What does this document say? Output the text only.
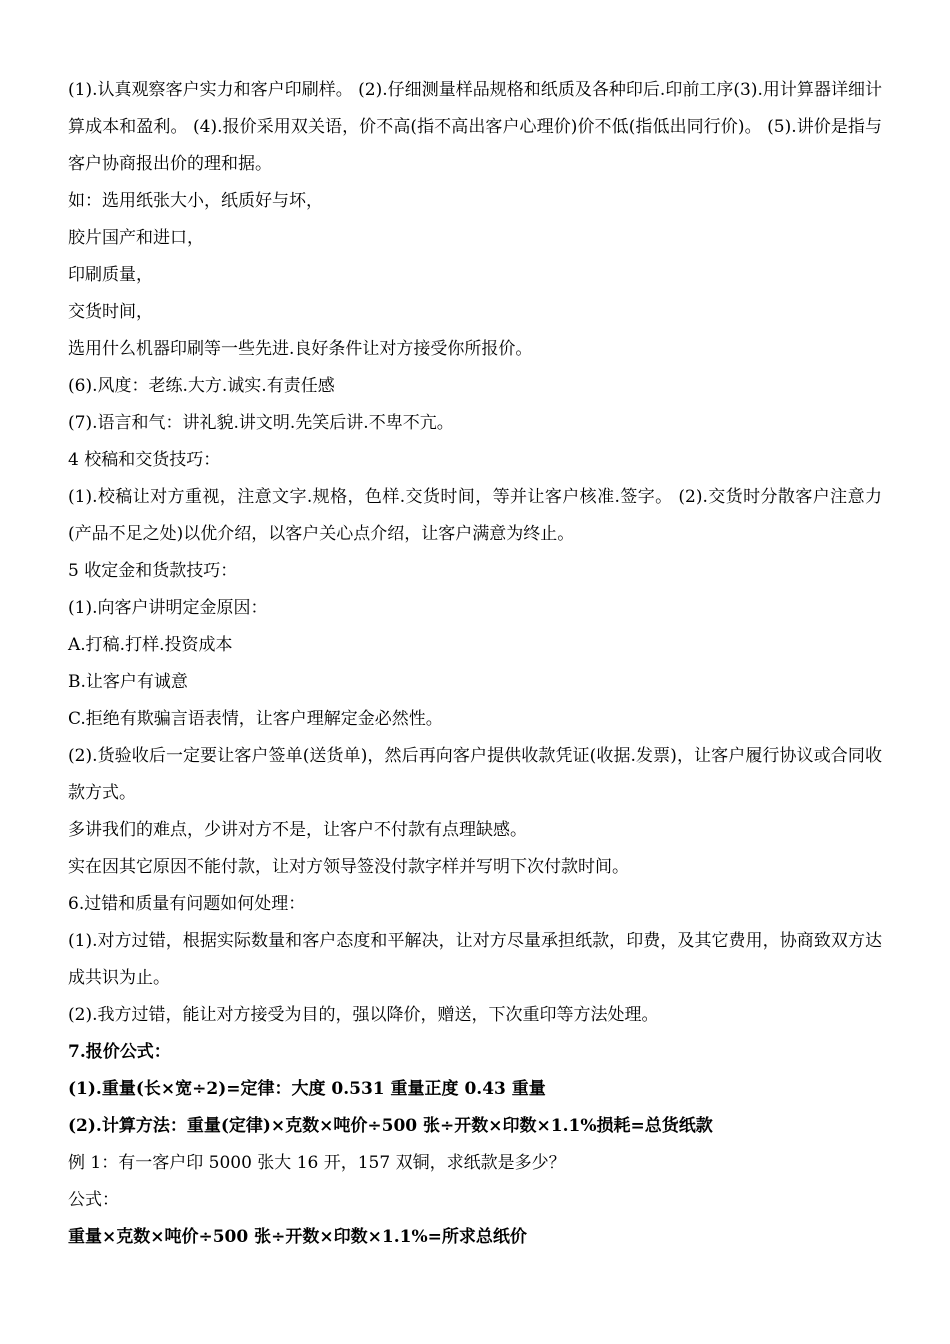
(1).认真观察客户实力和客户印刷样。 (2).仔细测量样品规格和纸质及各种印后.印前工序(3).用计算器详细计算成本和盈利。 (4).报价采用双关语，价不高(指不高出客户心理价)价不低(指低出同行价)。 (5).讲价是指与客户协商报出价的理和据。

如：选用纸张大小，纸质好与坏，

胶片国产和进口，

印刷质量，

交货时间，

选用什么机器印刷等一些先进.良好条件让对方接受你所报价。

(6).风度：老练.大方.诚实.有责任感

(7).语言和气：讲礼貌.讲文明.先笑后讲.不卑不亢。

4 校稿和交货技巧：

(1).校稿让对方重视，注意文字.规格，色样.交货时间，等并让客户核准.签字。 (2).交货时分散客户注意力(产品不足之处)以优介绍，以客户关心点介绍，让客户满意为终止。

5 收定金和货款技巧：

(1).向客户讲明定金原因：

A.打稿.打样.投资成本

B.让客户有诚意

C.拒绝有欺骗言语表情，让客户理解定金必然性。

(2).货验收后一定要让客户签单(送货单)，然后再向客户提供收款凭证(收据.发票)，让客户履行协议或合同收款方式。

多讲我们的难点，少讲对方不是，让客户不付款有点理缺感。

实在因其它原因不能付款，让对方领导签没付款字样并写明下次付款时间。

6.过错和质量有问题如何处理：

(1).对方过错，根据实际数量和客户态度和平解决，让对方尽量承担纸款，印费，及其它费用，协商致双方达成共识为止。

(2).我方过错，能让对方接受为目的，强以降价，赠送，下次重印等方法处理。

7.报价公式：

(1).重量(长×宽÷2)=定律：大度 0.531 重量正度 0.43 重量

(2).计算方法：重量(定律)×克数×吨价÷500 张÷开数×印数×1.1%损耗=总货纸款

例 1：有一客户印 5000 张大 16 开，157 双铜，求纸款是多少？

公式：

重量×克数×吨价÷500 张÷开数×印数×1.1%=所求总纸价
